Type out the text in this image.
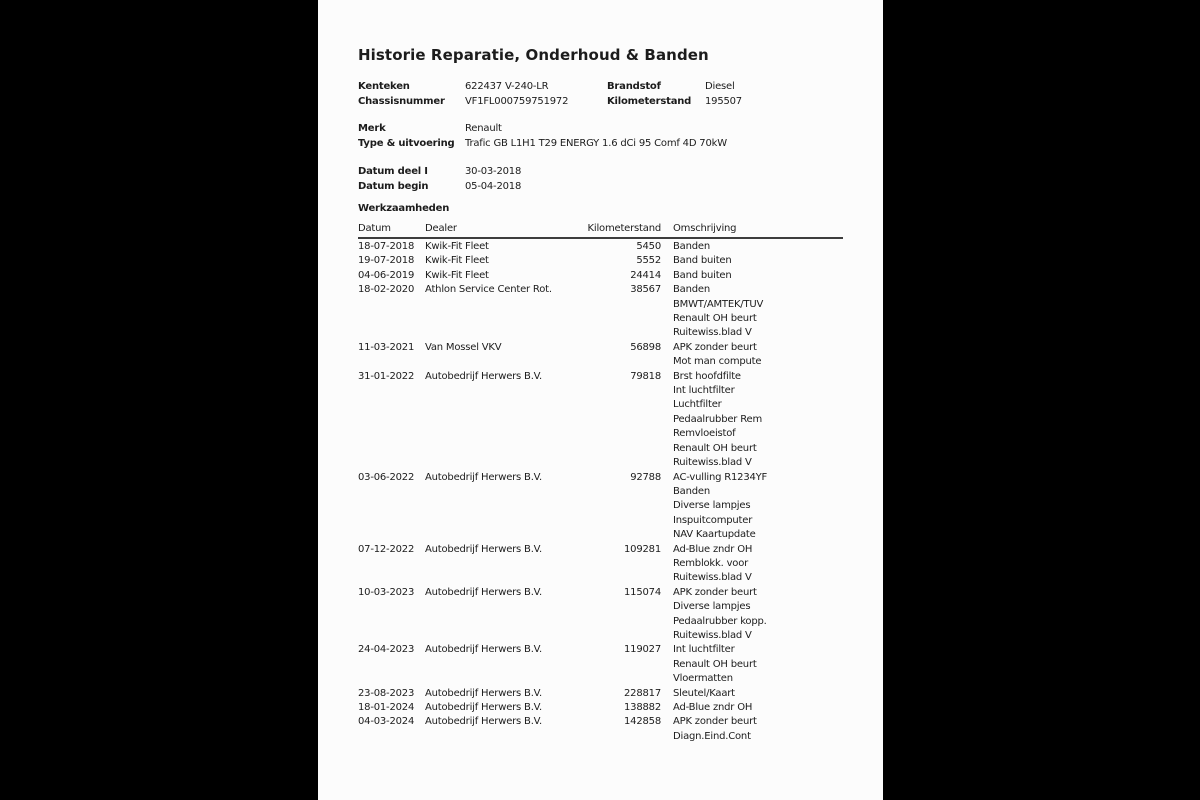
Historie Reparatie, Onderhoud & Banden
Kenteken	622437 V-240-LR	Brandstof	Diesel
Chassisnummer	VF1FL000759751972	Kilometerstand	195507
Merk	Renault
Type & uitvoering	Trafic GB L1H1 T29 ENERGY 1.6 dCi 95 Comf 4D 70kW
Datum deel I	30-03-2018
Datum begin	05-04-2018
Werkzaamheden
Datum	Dealer	Kilometerstand Omschrijving
18-07-2018 Kwik-Fit Fleet	5450 Banden
19-07-2018 Kwik-Fit Fleet	5552 Band buiten
04-06-2019 Kwik-Fit Fleet	24414 Band buiten
18-02-2020 Athlon Service Center Rot.	38567 Banden
BMWT/AMTEK/TUV
Renault OH beurt
Ruitewiss.blad V
11-03-2021 Van Mossel VKV	56898 APK zonder beurt
Mot man compute
31-01-2022 Autobedrijf Herwers B.V.	79818 Brst hoofdfilte
Int luchtfilter
Luchtfilter
Pedaalrubber Rem
Remvloeistof
Renault OH beurt
Ruitewiss.blad V
03-06-2022 Autobedrijf Herwers B.V.	92788 AC-vulling R1234YF
Banden
Diverse lampjes
Inspuitcomputer
NAV Kaartupdate
07-12-2022 Autobedrijf Herwers B.V.	109281 Ad-Blue zndr OH
Remblokk. voor
Ruitewiss.blad V
10-03-2023 Autobedrijf Herwers B.V.	115074 APK zonder beurt
Diverse lampjes
Pedaalrubber kopp.
Ruitewiss.blad V
24-04-2023 Autobedrijf Herwers B.V.	119027 Int luchtfilter
Renault OH beurt
Vloermatten
23-08-2023 Autobedrijf Herwers B.V.	228817 Sleutel/Kaart
18-01-2024 Autobedrijf Herwers B.V.	138882 Ad-Blue zndr OH
04-03-2024 Autobedrijf Herwers B.V.	142858 APK zonder beurt
Diagn.Eind.Cont
